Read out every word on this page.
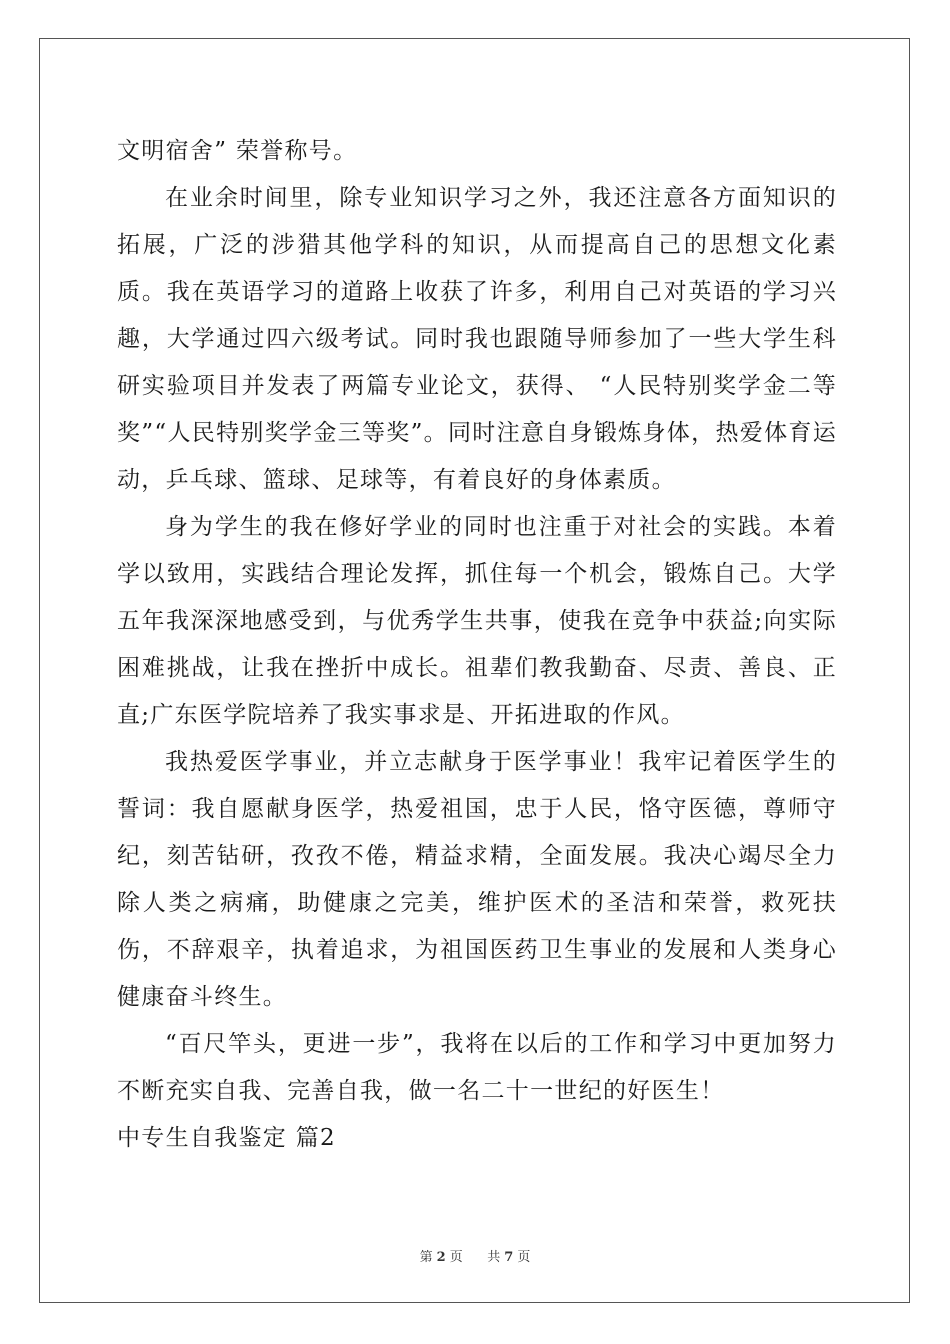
文明宿舍” 荣誉称号。

在业余时间里，除专业知识学习之外，我还注意各方面知识的拓展，广泛的涉猎其他学科的知识，从而提高自己的思想文化素质。我在英语学习的道路上收获了许多，利用自己对英语的学习兴趣，大学通过四六级考试。同时我也跟随导师参加了一些大学生科研实验项目并发表了两篇专业论文，获得、 “人民特别奖学金二等奖”“人民特别奖学金三等奖”。同时注意自身锻炼身体，热爱体育运动，乒乓球、篮球、足球等，有着良好的身体素质。

身为学生的我在修好学业的同时也注重于对社会的实践。本着学以致用，实践结合理论发挥，抓住每一个机会，锻炼自己。大学五年我深深地感受到，与优秀学生共事，使我在竞争中获益;向实际困难挑战，让我在挫折中成长。祖辈们教我勤奋、尽责、善良、正直;广东医学院培养了我实事求是、开拓进取的作风。

我热爱医学事业，并立志献身于医学事业！我牢记着医学生的誓词：我自愿献身医学，热爱祖国，忠于人民，恪守医德，尊师守纪，刻苦钻研，孜孜不倦，精益求精，全面发展。我决心竭尽全力除人类之病痛，助健康之完美，维护医术的圣洁和荣誉，救死扶伤，不辞艰辛，执着追求，为祖国医药卫生事业的发展和人类身心健康奋斗终生。

“百尺竿头，更进一步”，我将在以后的工作和学习中更加努力不断充实自我、完善自我，做一名二十一世纪的好医生！

中专生自我鉴定 篇2

第 2 页 共 7 页
